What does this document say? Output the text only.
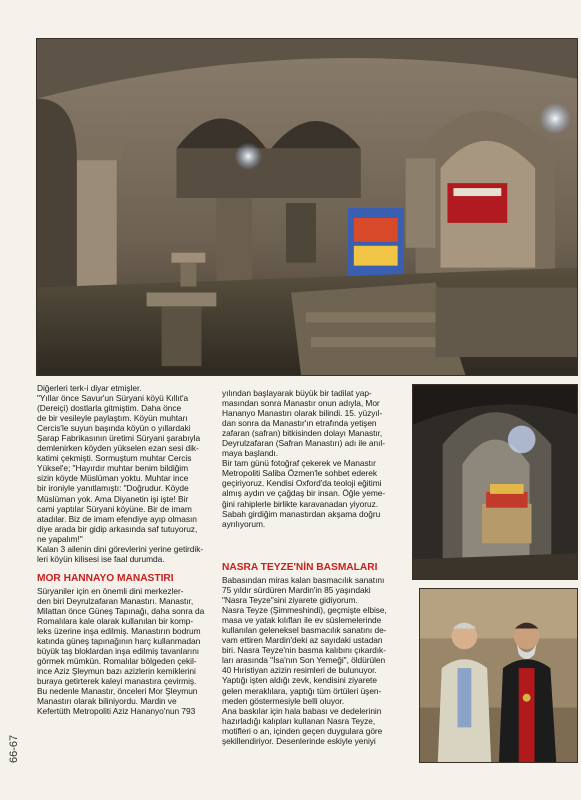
Diğerleri terk-i diyar etmişler.

"Yıllar önce Savur'un Süryani köyü Kıllıt'a

(Dereiçi) dostlarla gitmiştim. Daha önce

de bir vesileyle paylaştım. Köyün muhtarı

Cercis'le suyun başında köyün o yıllardaki

Şarap Fabrikasının üretimi Süryani şarabıyla

demlenirken köyden yükselen ezan sesi dik-

katimi çekmişti. Sormuştum muhtar Cercis

Yüksel'e; "Hayırdır muhtar benim bildiğim

sizin köyde Müslüman yoktu. Muhtar ince

bir ironiyle yanıtlamıştı: "Doğrudur. Köyde

Müslüman yok. Ama Diyanetin işi işte! Bir

cami yaptılar Süryani köyüne. Bir de imam

atadılar. Biz de imam efendiye ayıp olmasın

diye arada bir gidip arkasında saf tutuyoruz,

ne yapalım!"

Kalan 3 ailenin dini görevlerini yerine getirdik-

leri köyün kilisesi ise faal durumda.

MOR HANNAYO MANASTIRI

Süryaniler için en önemli dini merkezler-

den biri Deyrulzafaran Manastırı. Manastır,

Milattan önce Güneş Tapınağı, daha sonra da

Romalılara kale olarak kullanılan bir komp-

leks üzerine inşa edilmiş. Manastırın bodrum

katında güneş tapınağının harç kullanmadan

büyük taş bloklardan inşa edilmiş tavanlarını

görmek mümkün. Romalılar bölgeden çekil-

ince Aziz Şleymun bazı azizlerin kemiklerini

buraya getirterek kaleyi manastıra çevirmiş.

Bu nedenle Manastır, önceleri Mor Şleymun

Manastırı olarak biliniyordu. Mardin ve

Kefertüth Metropoliti Aziz Hananyo'nun 793

yılından başlayarak büyük bir tadilat yap-

masından sonra Manastır onun adıyla, Mor

Hananyo Manastırı olarak bilindi. 15. yüzyıl-

dan sonra da Manastır'ın etrafında yetişen

zafaran (safran) bitkisinden dolayı Manastır,

Deyrulzafaran (Safran Manastırı) adı ile anıl-

maya başlandı.

Bir tam günü fotoğraf çekerek ve Manastır

Metropoliti Saliba Özmen'le sohbet ederek

geçiriyoruz. Kendisi Oxford'da teoloji eğitimi

almış aydın ve çağdaş bir insan. Öğle yeme-

ğini rahiplerle birlikte karavanadan yiyoruz.

Sabah girdiğim manastırdan akşama doğru

ayrılıyorum.

NASRA TEYZE'NİN BASMALARI

Babasından miras kalan basmacılık sanatını

75 yıldır sürdüren Mardin'in 85 yaşındaki

"Nasra Teyze"sini ziyarete gidiyorum.

Nasra Teyze (Şimmeshindi), geçmişte elbise,

masa ve yatak kılıfları ile ev süslemelerinde

kullanılan geleneksel basmacılık sanatını de-

vam ettiren Mardin'deki az sayıdaki ustadan

biri. Nasra Teyze'nin basma kalıbını çıkardık-

ları arasında "İsa'nın Son Yemeği", öldürülen

40 Hıristiyan azizin resimleri de bulunuyor.

Yaptığı işten aldığı zevk, kendisini ziyarete

gelen meraklılara, yaptığı tüm örtüleri üşen-

meden göstermesiyle belli oluyor.

Ana baskılar için hala babası ve dedelerinin

hazırladığı kalıpları kullanan Nasra Teyze,

motifleri o an, içinden geçen duygulara göre

şekillendiriyor. Desenlerinde eskiyle yeniyi

66-67
